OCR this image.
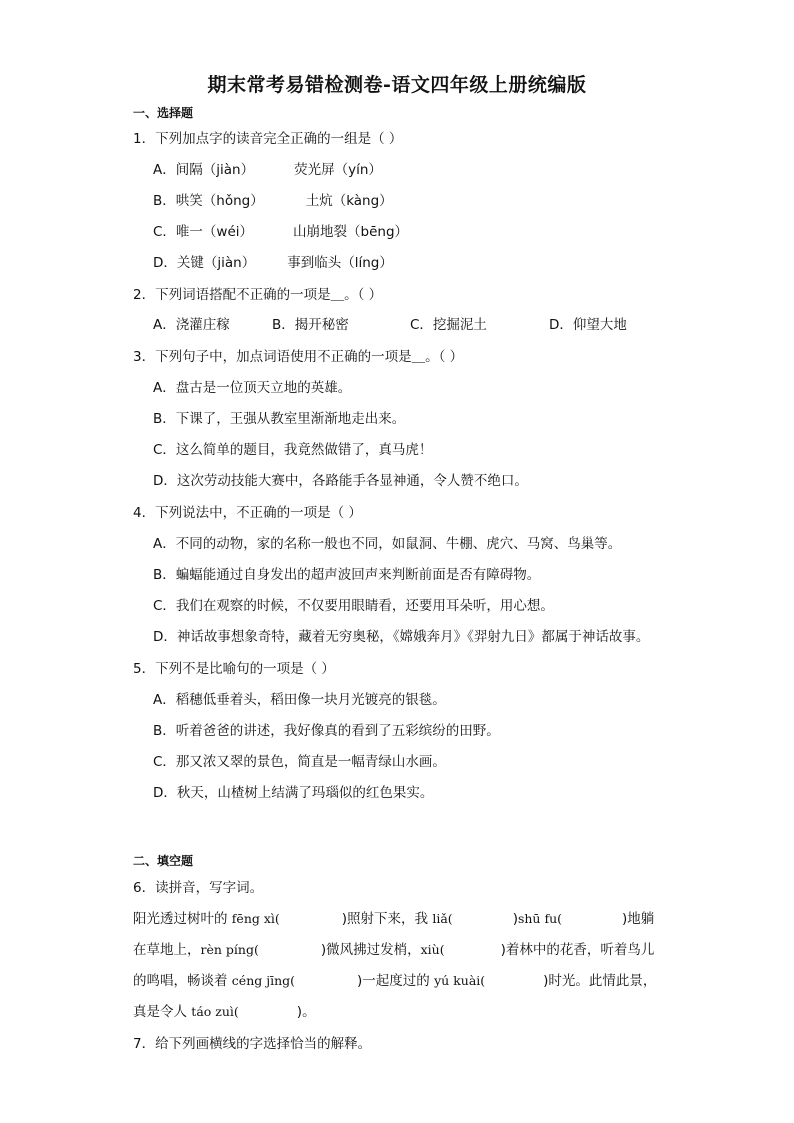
期末常考易错检测卷-语文四年级上册统编版
一、选择题
1．下列加点字的读音完全正确的一组是（ ）
A．间隔（jiàn）	荧光屏（yín）
B．哄笑（hǒng）	土炕（kàng）
C．唯一（wéi）	山崩地裂（bēng）
D．关键（jiàn） 事到临头（líng）
2．下列词语搭配不正确的一项是＿。（ ）
A．浇灌庄稼	B．揭开秘密	C．挖掘泥土	D．仰望大地
3．下列句子中，加点词语使用不正确的一项是＿。（ ）
A．盘古是一位顶天立地的英雄。
B．下课了，王强从教室里渐渐地走出来。
C．这么简单的题目，我竟然做错了，真马虎！
D．这次劳动技能大赛中，各路能手各显神通，令人赞不绝口。
4．下列说法中，不正确的一项是（ ）
A．不同的动物，家的名称一般也不同，如鼠洞、牛棚、虎穴、马窝、鸟巢等。
B．蝙蝠能通过自身发出的超声波回声来判断前面是否有障碍物。
C．我们在观察的时候，不仅要用眼睛看，还要用耳朵听，用心想。
D．神话故事想象奇特，藏着无穷奥秘，《嫦娥奔月》《羿射九日》都属于神话故事。
5．下列不是比喻句的一项是（ ）
A．稻穗低垂着头，稻田像一块月光镀亮的银毯。
B．听着爸爸的讲述，我好像真的看到了五彩缤纷的田野。
C．那又浓又翠的景色，简直是一幅青绿山水画。
D．秋天，山楂树上结满了玛瑙似的红色果实。
二、填空题
6．读拼音，写字词。
阳光透过树叶的 fēng xì(	)照射下来，我 liǎ(	)shū fu(	)地躺
在草地上，rèn píng(	)微风拂过发梢，xiù(	)着林中的花香，听着鸟儿
的鸣唱，畅谈着 céng jīng(	)一起度过的 yú kuài(	)时光。此情此景，
真是令人 táo zuì(	)。
7．给下列画横线的字选择恰当的解释。
